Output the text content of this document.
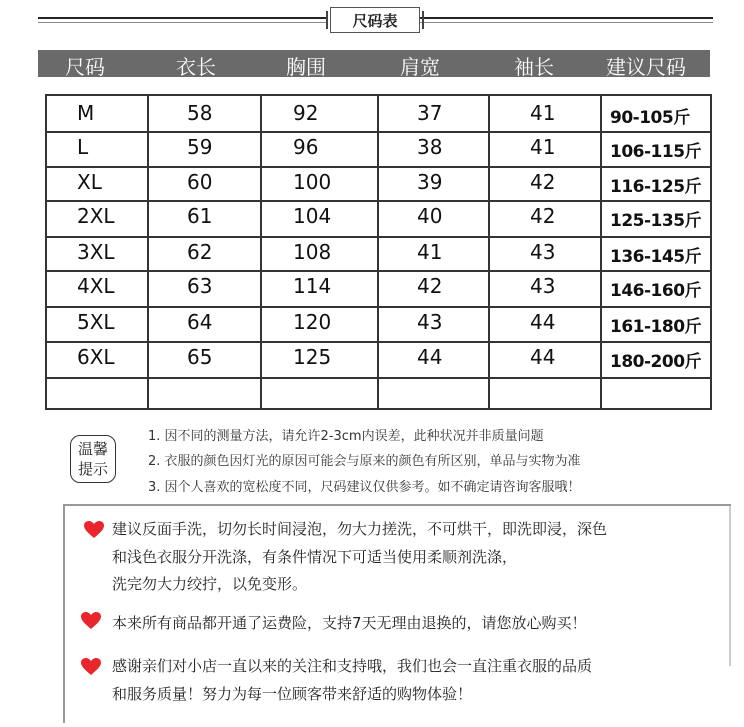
尺码表
尺码	衣长	胸围	肩宽	袖长	建议尺码
M	58	92	37	41	90-105斤
L	59	96	38	41	106-115斤
XL	60	100	39	42	116-125斤
2XL	61	104	40	42	125-135斤
3XL	62	108	41	43	136-145斤
4XL	63	114	42	43	146-160斤
5XL	64	120	43	44	161-180斤
6XL	65	125	44	44	180-200斤
温馨
提示
1. 因不同的测量方法，请允许2-3cm内误差，此种状况并非质量问题
2. 衣服的颜色因灯光的原因可能会与原来的颜色有所区别，单品与实物为准
3. 因个人喜欢的宽松度不同，尺码建议仅供参考。如不确定请咨询客服哦！
建议反面手洗，切勿长时间浸泡，勿大力搓洗，不可烘干，即洗即浸，深色
和浅色衣服分开洗涤，有条件情况下可适当使用柔顺剂洗涤，
洗完勿大力绞拧，以免变形。
本来所有商品都开通了运费险，支持7天无理由退换的，请您放心购买！
感谢亲们对小店一直以来的关注和支持哦，我们也会一直注重衣服的品质
和服务质量！努力为每一位顾客带来舒适的购物体验！
